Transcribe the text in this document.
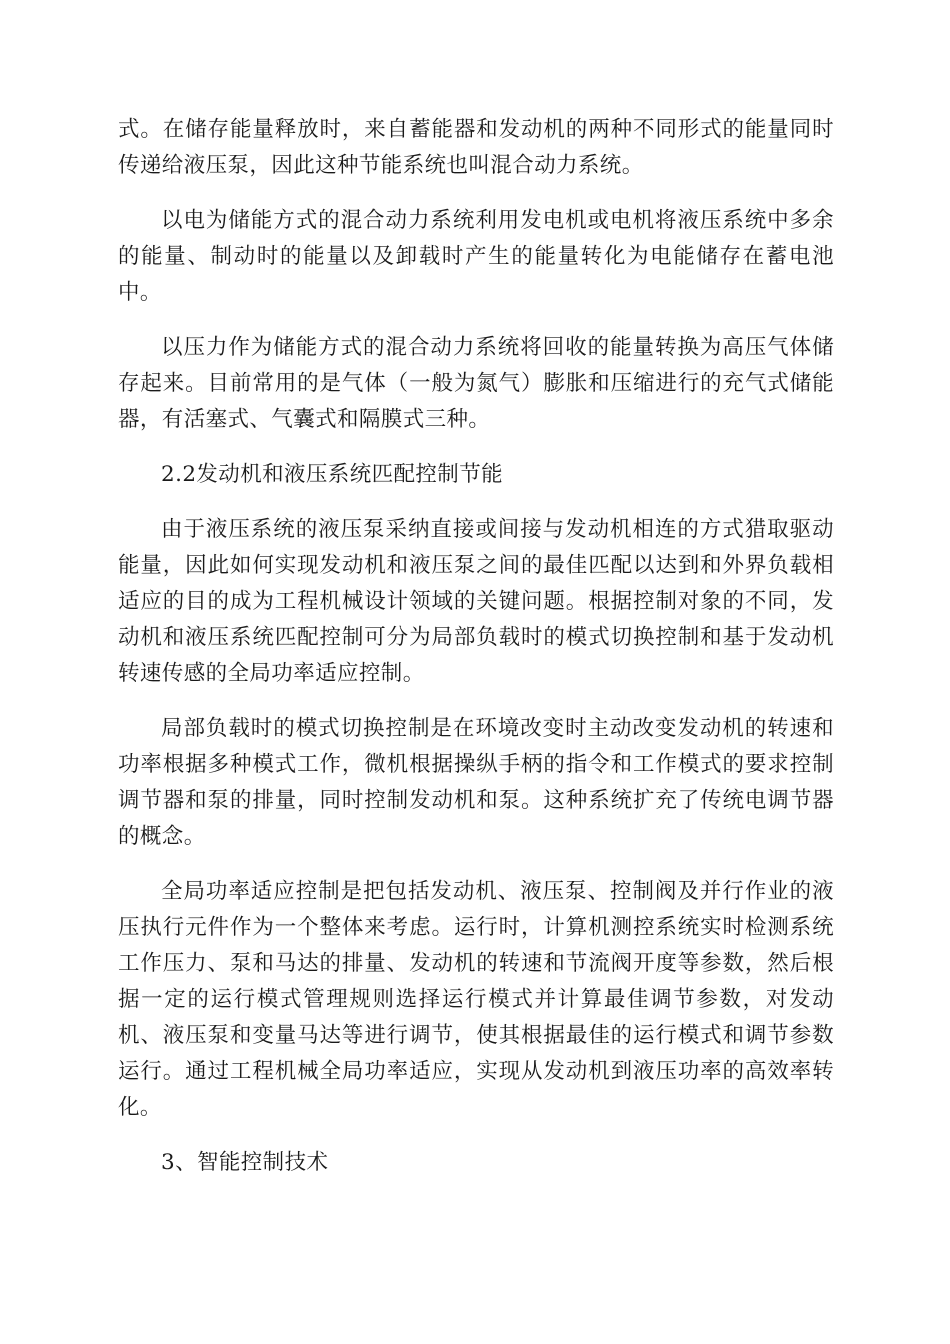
式。在储存能量释放时，来自蓄能器和发动机的两种不同形式的能量同时传递给液压泵，因此这种节能系统也叫混合动力系统。

以电为储能方式的混合动力系统利用发电机或电机将液压系统中多余的能量、制动时的能量以及卸载时产生的能量转化为电能储存在蓄电池中。

以压力作为储能方式的混合动力系统将回收的能量转换为高压气体储存起来。目前常用的是气体（一般为氮气）膨胀和压缩进行的充气式储能器，有活塞式、气囊式和隔膜式三种。

2.2发动机和液压系统匹配控制节能

由于液压系统的液压泵采纳直接或间接与发动机相连的方式猎取驱动能量，因此如何实现发动机和液压泵之间的最佳匹配以达到和外界负载相适应的目的成为工程机械设计领域的关键问题。根据控制对象的不同，发动机和液压系统匹配控制可分为局部负载时的模式切换控制和基于发动机转速传感的全局功率适应控制。

局部负载时的模式切换控制是在环境改变时主动改变发动机的转速和功率根据多种模式工作，微机根据操纵手柄的指令和工作模式的要求控制调节器和泵的排量，同时控制发动机和泵。这种系统扩充了传统电调节器的概念。

全局功率适应控制是把包括发动机、液压泵、控制阀及并行作业的液压执行元件作为一个整体来考虑。运行时，计算机测控系统实时检测系统工作压力、泵和马达的排量、发动机的转速和节流阀开度等参数，然后根据一定的运行模式管理规则选择运行模式并计算最佳调节参数，对发动机、液压泵和变量马达等进行调节，使其根据最佳的运行模式和调节参数运行。通过工程机械全局功率适应，实现从发动机到液压功率的高效率转化。

3、智能控制技术
